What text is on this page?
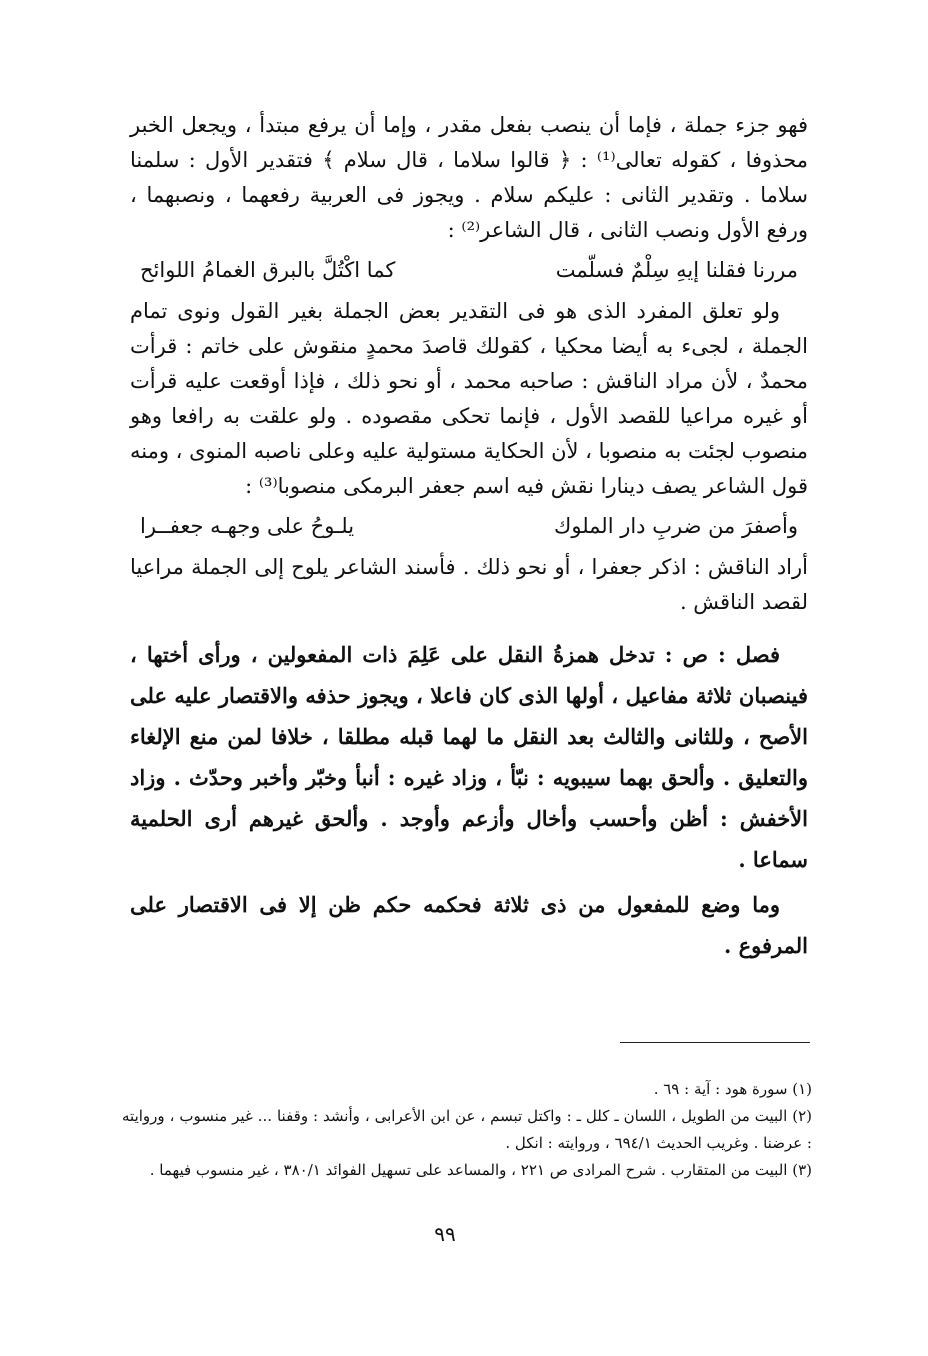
فهو جزء جملة ، فإما أن ينصب بفعل مقدر ، وإما أن يرفع مبتدأ ، ويجعل الخبر محذوفا ، كقوله تعالى⁽¹⁾ : ﴿ قالوا سلاما ، قال سلام ﴾ فتقدير الأول : سلمنا سلاما . وتقدير الثانى : عليكم سلام . ويجوز فى العربية رفعهما ، ونصبهما ، ورفع الأول ونصب الثانى ، قال الشاعر⁽²⁾ :

مررنا فقلنا إيهِ سِلْمٌ فسلّمت
كما اكْتُلَّ بالبرق الغمامُ اللوائح

ولو تعلق المفرد الذى هو فى التقدير بعض الجملة بغير القول ونوى تمام الجملة ، لجىء به أيضا محكيا ، كقولك قاصدَ محمدٍ منقوش على خاتم : قرأت محمدٌ ، لأن مراد الناقش : صاحبه محمد ، أو نحو ذلك ، فإذا أوقعت عليه قرأت أو غيره مراعيا للقصد الأول ، فإنما تحكى مقصوده . ولو علقت به رافعا وهو منصوب لجئت به منصوبا ، لأن الحكاية مستولية عليه وعلى ناصبه المنوى ، ومنه قول الشاعر يصف دينارا نقش فيه اسم جعفر البرمكى منصوبا⁽³⁾ :

وأصفرَ من ضربِ دار الملوك
يلـوحُ على وجهـه جعفــرا

أراد الناقش : اذكر جعفرا ، أو نحو ذلك . فأسند الشاعر يلوح إلى الجملة مراعيا لقصد الناقش .

فصل : ص : تدخل همزةُ النقل على عَلِمَ ذات المفعولين ، ورأى أختها ، فينصبان ثلاثة مفاعيل ، أولها الذى كان فاعلا ، ويجوز حذفه والاقتصار عليه على الأصح ، وللثانى والثالث بعد النقل ما لهما قبله مطلقا ، خلافا لمن منع الإلغاء والتعليق . وألحق بهما سيبويه : نبّأ ، وزاد غيره : أنبأ وخبّر وأخبر وحدّث . وزاد الأخفش : أظن وأحسب وأخال وأزعم وأوجد . وألحق غيرهم أرى الحلمية سماعا .

وما وضع للمفعول من ذى ثلاثة فحكمه حكم ظن إلا فى الاقتصار على المرفوع .

(١) سورة هود : آية : ٦٩ .

(٢) البيت من الطويل ، اللسان ـ كلل ـ : واكتل تبسم ، عن ابن الأعرابى ، وأنشد : وقفنا ... غير منسوب ، وروايته : عرضنا . وغريب الحديث ٦٩٤/١ ، وروايته : انكل .

(٣) البيت من المتقارب . شرح المرادى ص ٢٢١ ، والمساعد على تسهيل الفوائد ٣٨٠/١ ، غير منسوب فيهما .

٩٩
